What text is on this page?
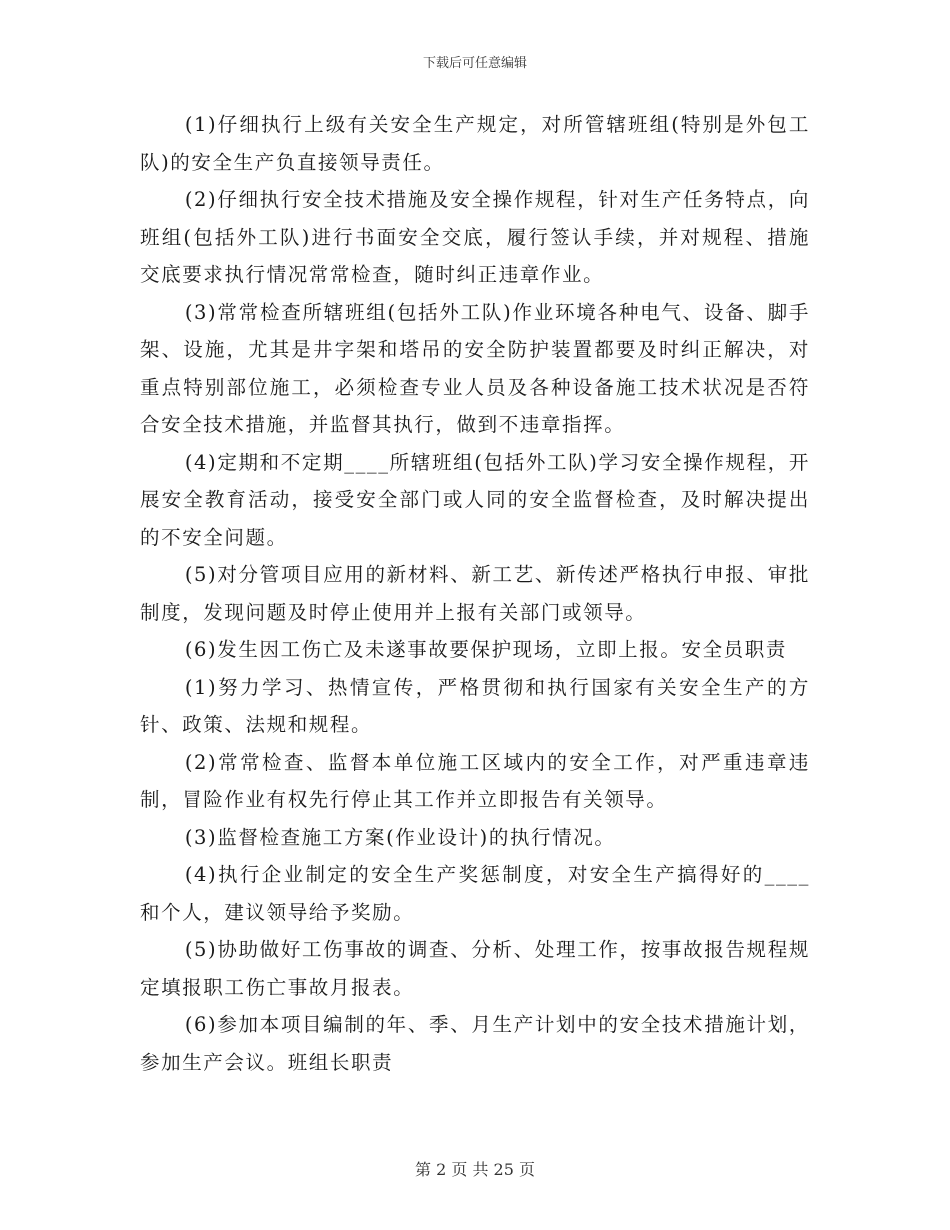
下载后可任意编辑

(1)仔细执行上级有关安全生产规定，对所管辖班组(特别是外包工队)的安全生产负直接领导责任。

(2)仔细执行安全技术措施及安全操作规程，针对生产任务特点，向班组(包括外工队)进行书面安全交底，履行签认手续，并对规程、措施交底要求执行情况常常检查，随时纠正违章作业。

(3)常常检查所辖班组(包括外工队)作业环境各种电气、设备、脚手架、设施，尤其是井字架和塔吊的安全防护装置都要及时纠正解决，对重点特别部位施工，必须检查专业人员及各种设备施工技术状况是否符合安全技术措施，并监督其执行，做到不违章指挥。

(4)定期和不定期____所辖班组(包括外工队)学习安全操作规程，开展安全教育活动，接受安全部门或人同的安全监督检查，及时解决提出的不安全问题。

(5)对分管项目应用的新材料、新工艺、新传述严格执行申报、审批制度，发现问题及时停止使用并上报有关部门或领导。

(6)发生因工伤亡及未遂事故要保护现场，立即上报。安全员职责

(1)努力学习、热情宣传，严格贯彻和执行国家有关安全生产的方针、政策、法规和规程。

(2)常常检查、监督本单位施工区域内的安全工作，对严重违章违制，冒险作业有权先行停止其工作并立即报告有关领导。

(3)监督检查施工方案(作业设计)的执行情况。

(4)执行企业制定的安全生产奖惩制度，对安全生产搞得好的____和个人，建议领导给予奖励。

(5)协助做好工伤事故的调查、分析、处理工作，按事故报告规程规定填报职工伤亡事故月报表。

(6)参加本项目编制的年、季、月生产计划中的安全技术措施计划，参加生产会议。班组长职责

第 2 页 共 25 页
